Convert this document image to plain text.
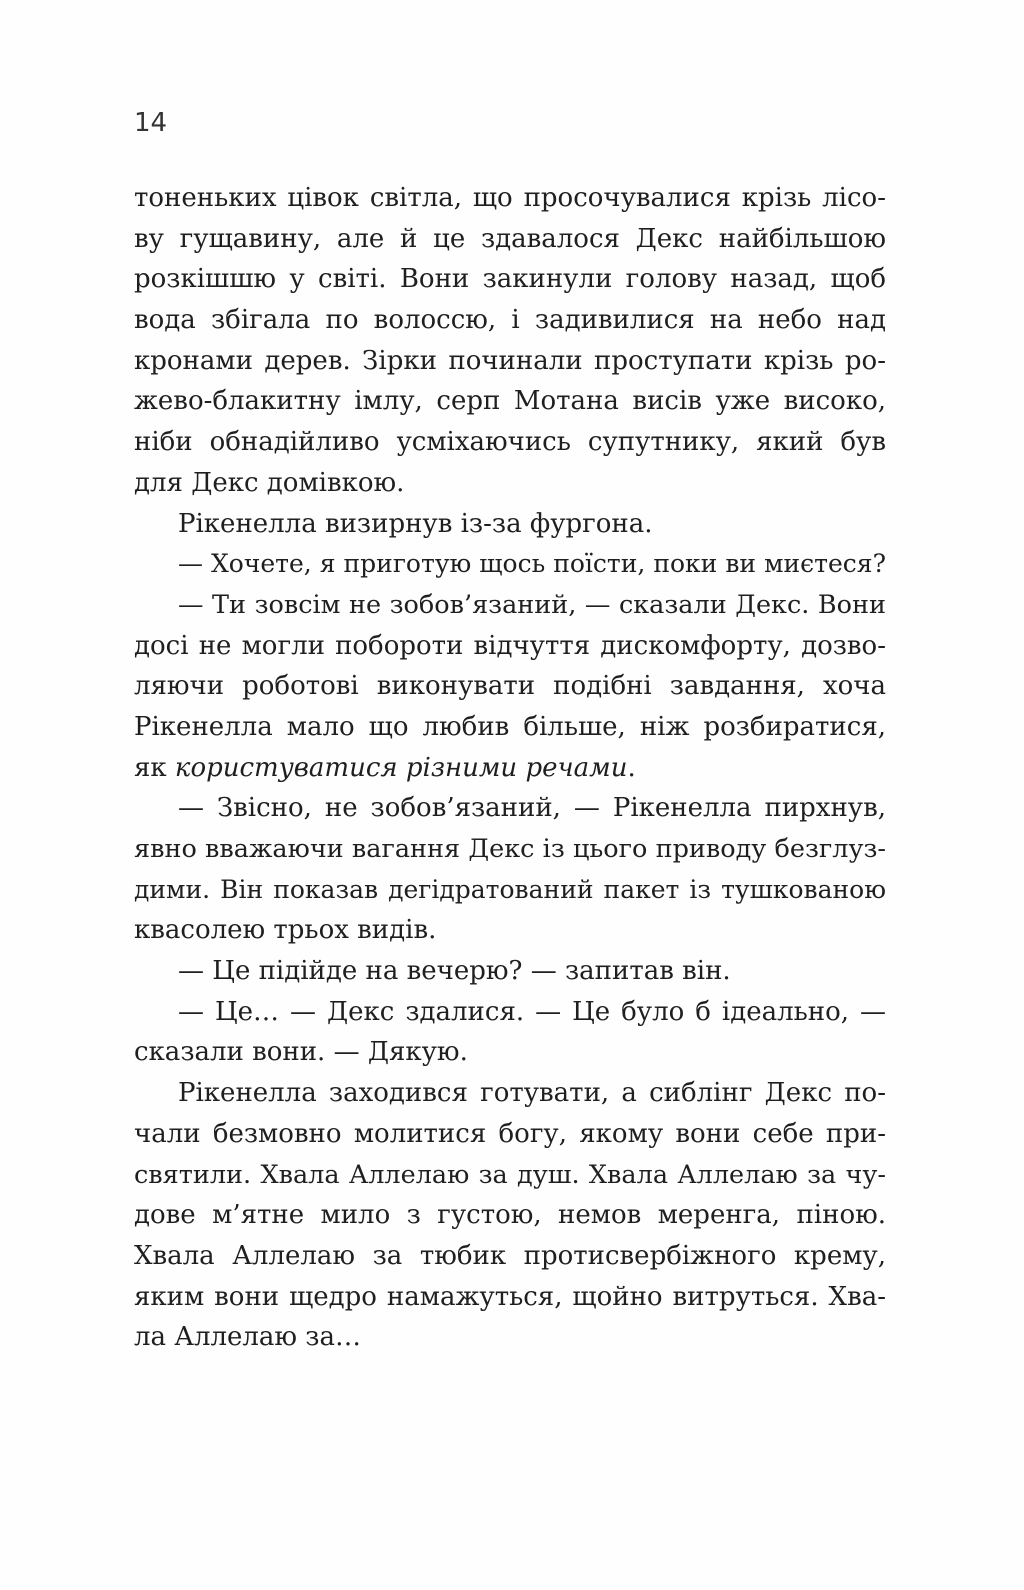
14
тоненьких цівок світла, що просочувалися крізь лісо-
ву гущавину, але й це здавалося Декс найбільшою
розкішшю у світі. Вони закинули голову назад, щоб
вода збігала по волоссю, і задивилися на небо над
кронами дерев. Зірки починали проступати крізь ро-
жево-блакитну імлу, серп Мотана висів уже високо,
ніби обнадійливо усміхаючись супутнику, який був
для Декс домівкою.
Рікенелла визирнув із-за фургона.
— Хочете, я приготую щось поїсти, поки ви миєтеся?
— Ти зовсім не зобов’язаний, — сказали Декс. Вони
досі не могли побороти відчуття дискомфорту, дозво-
ляючи роботові виконувати подібні завдання, хоча
Рікенелла мало що любив більше, ніж розбиратися,
як користуватися різними речами.
— Звісно, не зобов’язаний, — Рікенелла пирхнув,
явно вважаючи вагання Декс із цього приводу безглуз-
дими. Він показав дегідратований пакет із тушкованою
квасолею трьох видів.
— Це підійде на вечерю? — запитав він.
— Це… — Декс здалися. — Це було б ідеально, —
сказали вони. — Дякую.
Рікенелла заходився готувати, а сиблінг Декс по-
чали безмовно молитися богу, якому вони себе при-
святили. Хвала Аллелаю за душ. Хвала Аллелаю за чу-
дове м’ятне мило з густою, немов меренга, піною.
Хвала Аллелаю за тюбик протисвербіжного крему,
яким вони щедро намажуться, щойно витруться. Хва-
ла Аллелаю за…
